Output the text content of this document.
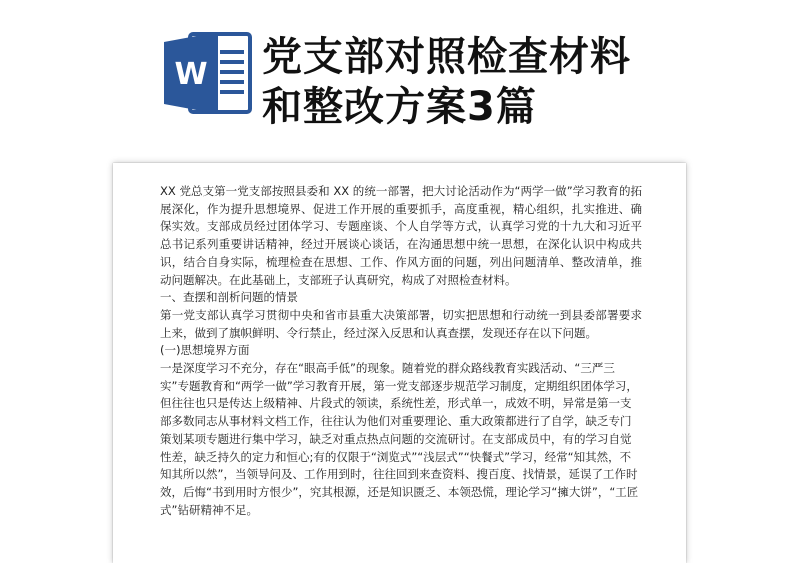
W 党支部对照检查材料
和整改方案3篇

XX 党总支第一党支部按照县委和 XX 的统一部署，把大讨论活动作为“两学一做”学习教育的拓展深化，作为提升思想境界、促进工作开展的重要抓手，高度重视，精心组织，扎实推进、确保实效。支部成员经过团体学习、专题座谈、个人自学等方式，认真学习党的十九大和习近平总书记系列重要讲话精神，经过开展谈心谈话，在沟通思想中统一思想，在深化认识中构成共识，结合自身实际，梳理检查在思想、工作、作风方面的问题，列出问题清单、整改清单，推动问题解决。在此基础上，支部班子认真研究，构成了对照检查材料。

一、查摆和剖析问题的情景

第一党支部认真学习贯彻中央和省市县重大决策部署，切实把思想和行动统一到县委部署要求上来，做到了旗帜鲜明、令行禁止，经过深入反思和认真查摆，发现还存在以下问题。

(一)思想境界方面

一是深度学习不充分，存在“眼高手低”的现象。随着党的群众路线教育实践活动、“三严三实”专题教育和“两学一做”学习教育开展，第一党支部逐步规范学习制度，定期组织团体学习，但往往也只是传达上级精神、片段式的领读，系统性差，形式单一，成效不明，异常是第一支部多数同志从事材料文档工作，往往认为他们对重要理论、重大政策都进行了自学，缺乏专门策划某项专题进行集中学习，缺乏对重点热点问题的交流研讨。在支部成员中，有的学习自觉性差，缺乏持久的定力和恒心;有的仅限于“浏览式”“浅层式”“快餐式”学习，经常“知其然，不知其所以然”，当领导问及、工作用到时，往往回到来查资料、搜百度、找情景，延误了工作时效，后悔“书到用时方恨少”，究其根源，还是知识匮乏、本领恐慌，理论学习“擁大饼”，“工匠式”钻研精神不足。
